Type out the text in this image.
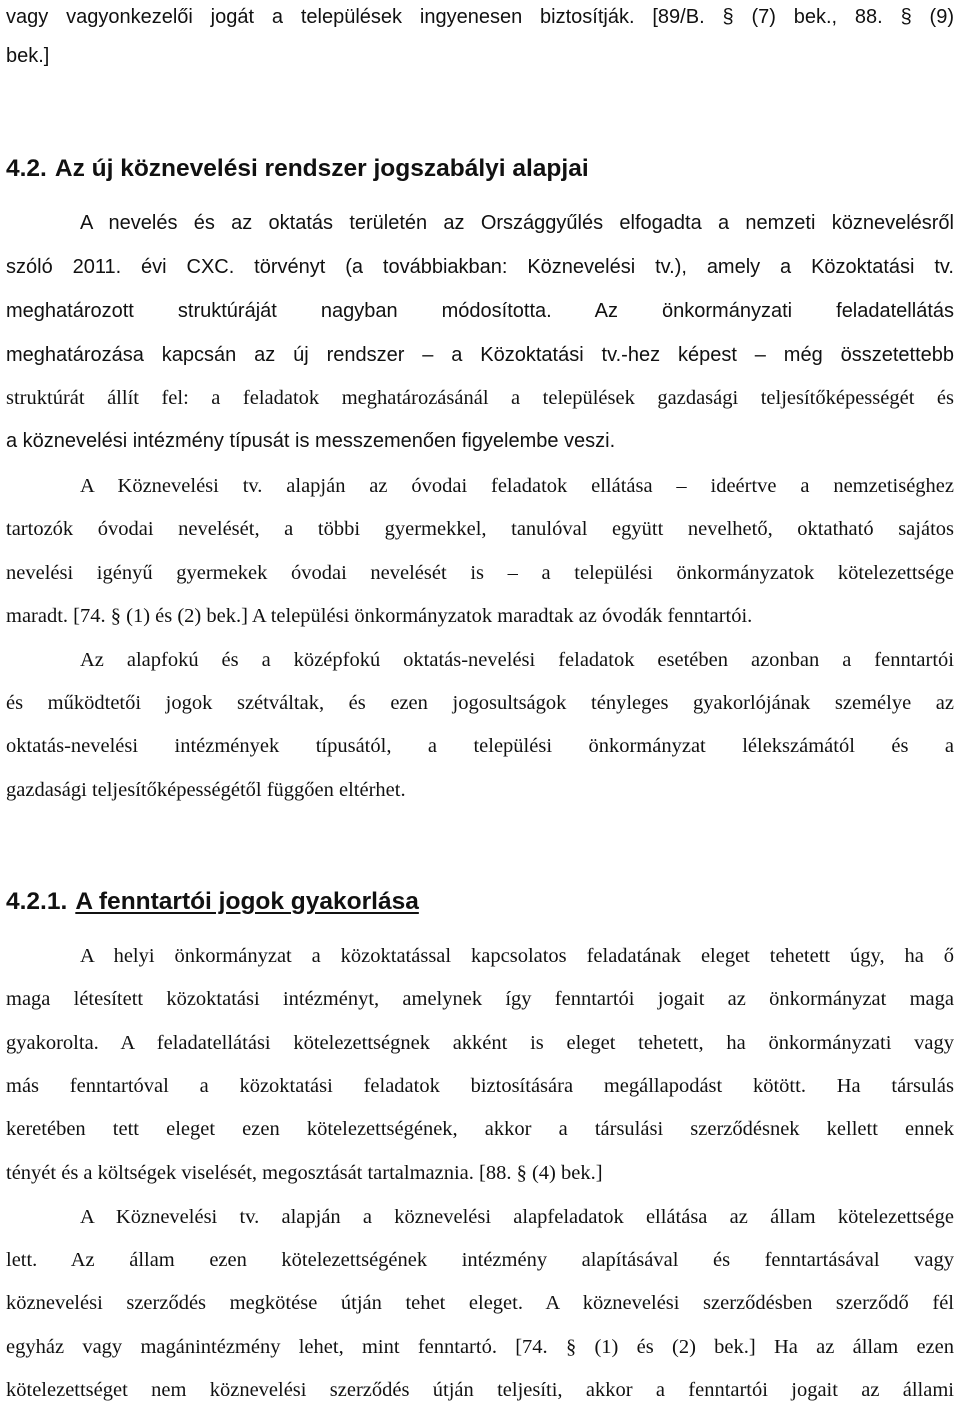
vagy vagyonkezelői jogát a települések ingyenesen biztosítják. [89/B. § (7) bek., 88. § (9)
bek.]
4.2. Az új köznevelési rendszer jogszabályi alapjai
A nevelés és az oktatás területén az Országgyűlés elfogadta a nemzeti köznevelésről
szóló 2011. évi CXC. törvényt (a továbbiakban: Köznevelési tv.), amely a Közoktatási tv.
meghatározott struktúráját nagyban módosította. Az önkormányzati feladatellátás
meghatározása kapcsán az új rendszer – a Közoktatási tv.-hez képest – még összetettebb
struktúrát állít fel: a feladatok meghatározásánál a települések gazdasági teljesítőképességét és
a köznevelési intézmény típusát is messzemenően figyelembe veszi.
A Köznevelési tv. alapján az óvodai feladatok ellátása – ideértve a nemzetiséghez
tartozók óvodai nevelését, a többi gyermekkel, tanulóval együtt nevelhető, oktatható sajátos
nevelési igényű gyermekek óvodai nevelését is – a települési önkormányzatok kötelezettsége
maradt. [74. § (1) és (2) bek.] A települési önkormányzatok maradtak az óvodák fenntartói.
Az alapfokú és a középfokú oktatás-nevelési feladatok esetében azonban a fenntartói
és működtetői jogok szétváltak, és ezen jogosultságok tényleges gyakorlójának személye az
oktatás-nevelési intézmények típusától, a települési önkormányzat lélekszámától és a
gazdasági teljesítőképességétől függően eltérhet.
4.2.1. A fenntartói jogok gyakorlása
A helyi önkormányzat a közoktatással kapcsolatos feladatának eleget tehetett úgy, ha ő
maga létesített közoktatási intézményt, amelynek így fenntartói jogait az önkormányzat maga
gyakorolta. A feladatellátási kötelezettségnek akként is eleget tehetett, ha önkormányzati vagy
más fenntartóval a közoktatási feladatok biztosítására megállapodást kötött. Ha társulás
keretében tett eleget ezen kötelezettségének, akkor a társulási szerződésnek kellett ennek
tényét és a költségek viselését, megosztását tartalmaznia. [88. § (4) bek.]
A Köznevelési tv. alapján a köznevelési alapfeladatok ellátása az állam kötelezettsége
lett. Az állam ezen kötelezettségének intézmény alapításával és fenntartásával vagy
köznevelési szerződés megkötése útján tehet eleget. A köznevelési szerződésben szerződő fél
egyház vagy magánintézmény lehet, mint fenntartó. [74. § (1) és (2) bek.] Ha az állam ezen
kötelezettséget nem köznevelési szerződés útján teljesíti, akkor a fenntartói jogait az állami
